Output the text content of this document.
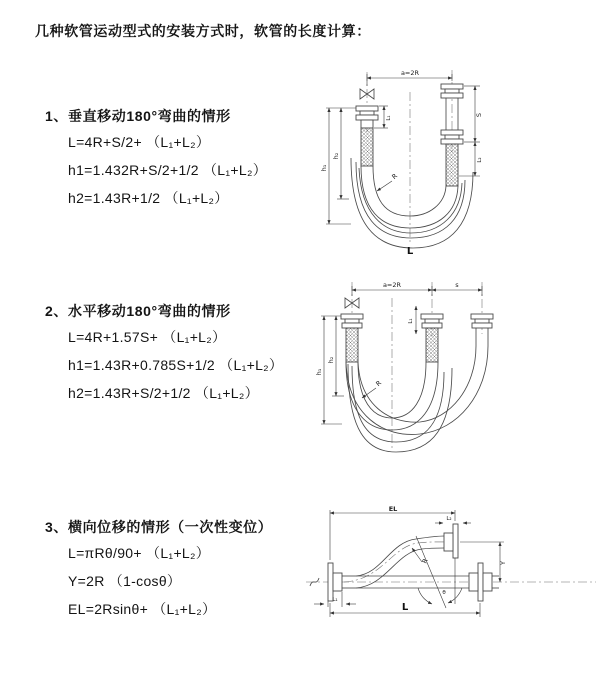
几种软管运动型式的安装方式时，软管的长度计算：
1、垂直移动180°弯曲的情形
L=4R+S/2+ （L₁+L₂）
h1=1.432R+S/2+1/2 （L₁+L₂）
h2=1.43R+1/2 （L₁+L₂）
2、水平移动180°弯曲的情形
L=4R+1.57S+ （L₁+L₂）
h1=1.43R+0.785S+1/2 （L₁+L₂）
h2=1.43R+S/2+1/2 （L₁+L₂）
3、横向位移的情形（一次性变位）
L=πRθ/90+ （L₁+L₂）
Y=2R （1-cosθ）
EL=2Rsinθ+ （L₁+L₂）
a=2R
h₁
h₂
L₁
S
L₂
R
L
a=2R	s
h₁
h₂
L₁
R
EL
L₂
L₁
L
Y
θ
R
